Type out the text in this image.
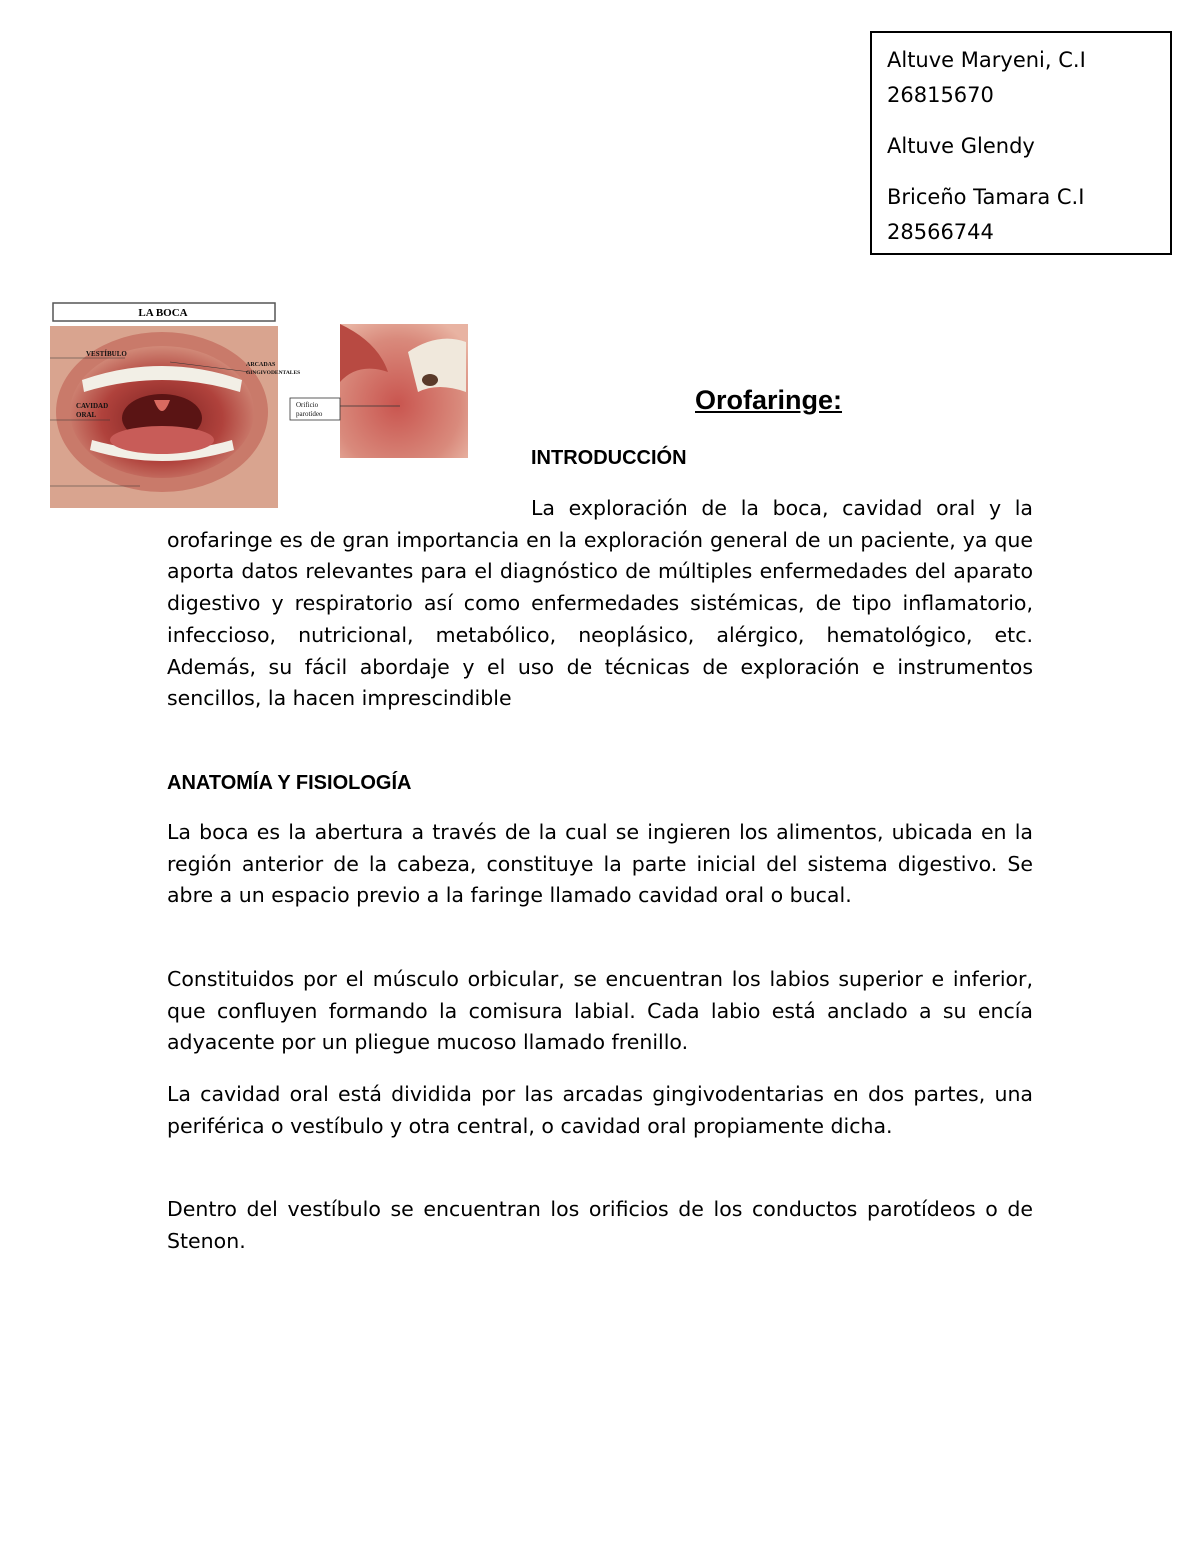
Altuve Maryeni, C.I 26815670

Altuve Glendy

Briceño Tamara C.I 28566744

LA BOCA
VESTÍBULO
ARCADAS
GINGIVODENTALES
CAVIDAD
ORAL
Orificio
parotídeo	Orofaringe:
INTRODUCCIÓN

La exploración de la boca, cavidad oral y la orofaringe es de gran importancia en la exploración general de un paciente, ya que aporta datos relevantes para el diagnóstico de múltiples enfermedades del aparato digestivo y respiratorio así como enfermedades sistémicas, de tipo inflamatorio, infeccioso, nutricional, metabólico, neoplásico, alérgico, hematológico, etc. Además, su fácil abordaje y el uso de técnicas de exploración e instrumentos sencillos, la hacen imprescindible

ANATOMÍA Y FISIOLOGÍA

La boca es la abertura a través de la cual se ingieren los alimentos, ubicada en la región anterior de la cabeza, constituye la parte inicial del sistema digestivo. Se abre a un espacio previo a la faringe llamado cavidad oral o bucal.

Constituidos por el músculo orbicular, se encuentran los labios superior e inferior, que confluyen formando la comisura labial. Cada labio está anclado a su encía adyacente por un pliegue mucoso llamado frenillo.

La cavidad oral está dividida por las arcadas gingivodentarias en dos partes, una periférica o vestíbulo y otra central, o cavidad oral propiamente dicha.

Dentro del vestíbulo se encuentran los orificios de los conductos parotídeos o de Stenon.
